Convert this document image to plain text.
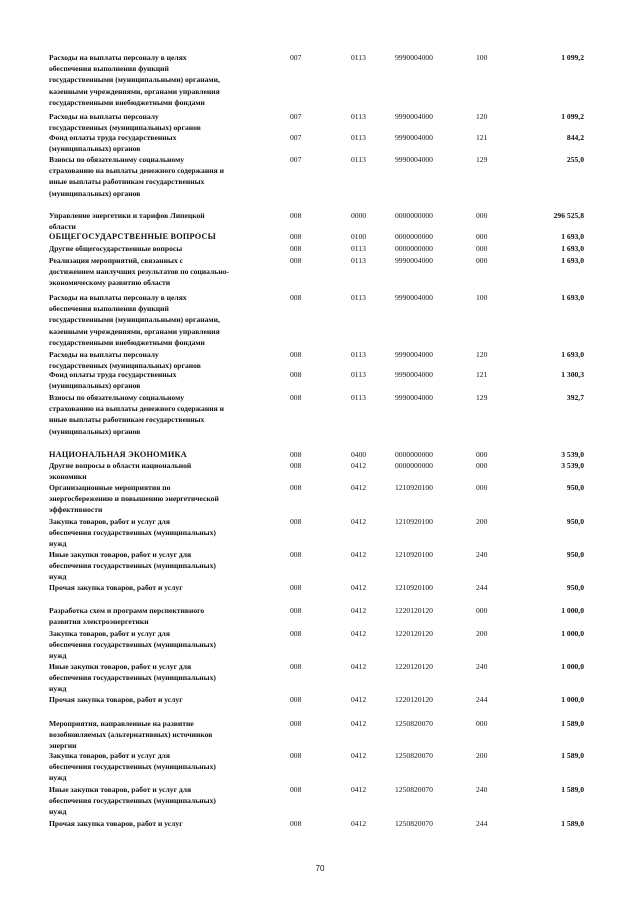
Расходы на выплаты персоналу в целях
обеспечения выполнения функций
государственными (муниципальными) органами,
казенными учреждениями, органами управления
государственными внебюджетными фондами
007	0113	9990004000	100	1 099,2
Расходы на выплаты персоналу
государственных (муниципальных) органов
007	0113	9990004000	120	1 099,2
Фонд оплаты труда государственных
(муниципальных) органов
007	0113	9990004000	121	844,2
Взносы по обязательному социальному
страхованию на выплаты денежного содержания и
иные выплаты работникам государственных
(муниципальных) органов
007	0113	9990004000	129	255,0
Управление энергетики и тарифов Липецкой
области
008	0000	0000000000	000	296 525,8
ОБЩЕГОСУДАРСТВЕННЫЕ ВОПРОСЫ	008	0100	0000000000	000	1 693,0
Другие общегосударственные вопросы	008	0113	0000000000	000	1 693,0
Реализация мероприятий, связанных с
достижением наилучших результатов по социально-
экономическому развитию области
008	0113	9990004000	000	1 693,0
Расходы на выплаты персоналу в целях
обеспечения выполнения функций
государственными (муниципальными) органами,
казенными учреждениями, органами управления
государственными внебюджетными фондами
008	0113	9990004000	100	1 693,0
Расходы на выплаты персоналу
государственных (муниципальных) органов
008	0113	9990004000	120	1 693,0
Фонд оплаты труда государственных
(муниципальных) органов
008	0113	9990004000	121	1 300,3
Взносы по обязательному социальному
страхованию на выплаты денежного содержания и
иные выплаты работникам государственных
(муниципальных) органов
008	0113	9990004000	129	392,7
НАЦИОНАЛЬНАЯ ЭКОНОМИКА	008	0400	0000000000	000	3 539,0
Другие вопросы в области национальной
экономики
008	0412	0000000000	000	3 539,0
Организационные мероприятия по
энергосбережению и повышению энергетической
эффективности
008	0412	1210920100	000	950,0
Закупка товаров, работ и услуг для
обеспечения государственных (муниципальных)
нужд
008	0412	1210920100	200	950,0
Иные закупки товаров, работ и услуг для
обеспечения государственных (муниципальных)
нужд
008	0412	1210920100	240	950,0
Прочая закупка товаров, работ и услуг	008	0412	1210920100	244	950,0
Разработка схем и программ перспективного
развития электроэнергетики
008	0412	1220120120	000	1 000,0
Закупка товаров, работ и услуг для
обеспечения государственных (муниципальных)
нужд
008	0412	1220120120	200	1 000,0
Иные закупки товаров, работ и услуг для
обеспечения государственных (муниципальных)
нужд
008	0412	1220120120	240	1 000,0
Прочая закупка товаров, работ и услуг	008	0412	1220120120	244	1 000,0
Мероприятия, направленные на развитие
возобновляемых (альтернативных) источников
энергии
008	0412	1250820070	000	1 589,0
Закупка товаров, работ и услуг для
обеспечения государственных (муниципальных)
нужд
008	0412	1250820070	200	1 589,0
Иные закупки товаров, работ и услуг для
обеспечения государственных (муниципальных)
нужд
008	0412	1250820070	240	1 589,0
Прочая закупка товаров, работ и услуг	008	0412	1250820070	244	1 589,0
70
